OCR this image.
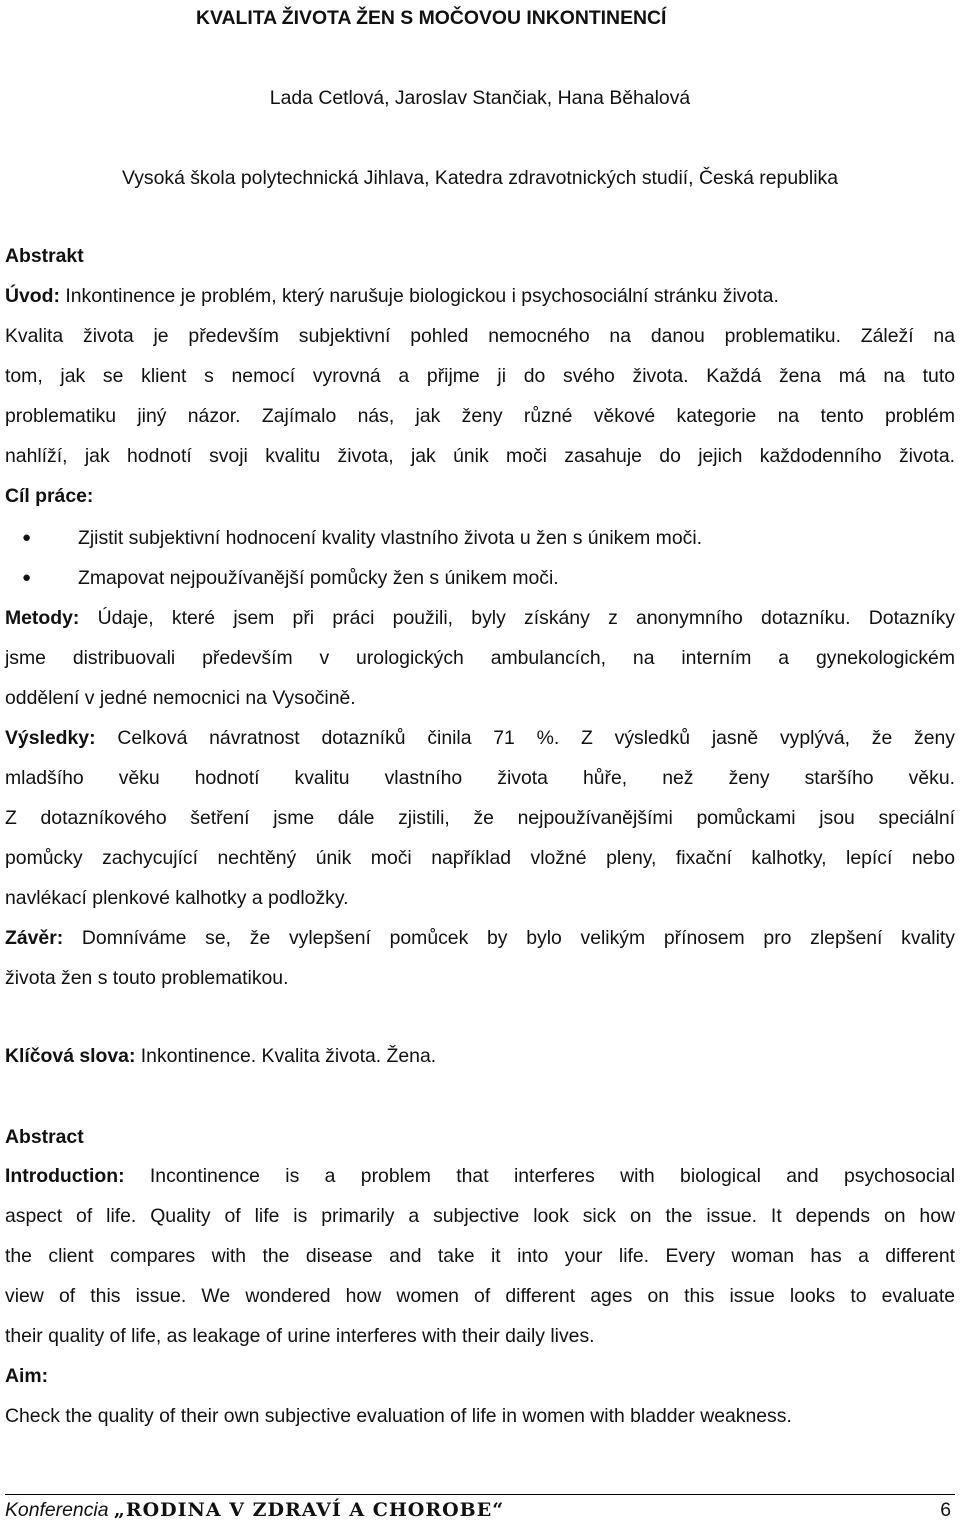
KVALITA ŽIVOTA ŽEN S MOČOVOU INKONTINENCÍ
Lada Cetlová, Jaroslav Stančiak, Hana Běhalová
Vysoká škola polytechnická Jihlava, Katedra zdravotnických studií, Česká republika
Abstrakt
Úvod: Inkontinence je problém, který narušuje biologickou i psychosociální stránku života.
Kvalita života je především subjektivní pohled nemocného na danou problematiku. Záleží na
tom, jak se klient s nemocí vyrovná a přijme ji do svého života. Každá žena má na tuto
problematiku jiný názor. Zajímalo nás, jak ženy různé věkové kategorie na tento problém
nahlíží, jak hodnotí svoji kvalitu života, jak únik moči zasahuje do jejich každodenního života.
Cíl práce:
● Zjistit subjektivní hodnocení kvality vlastního života u žen s únikem moči.
● Zmapovat nejpoužívanější pomůcky žen s únikem moči.
Metody: Údaje, které jsem při práci použili, byly získány z anonymního dotazníku. Dotazníky
jsme distribuovali především v urologických ambulancích, na interním a gynekologickém
oddělení v jedné nemocnici na Vysočině.
Výsledky: Celková návratnost dotazníků činila 71 %. Z výsledků jasně vyplývá, že ženy
mladšího věku hodnotí kvalitu vlastního života hůře, než ženy staršího věku.
Z dotazníkového šetření jsme dále zjistili, že nejpoužívanějšími pomůckami jsou speciální
pomůcky zachycující nechtěný únik moči například vložné pleny, fixační kalhotky, lepící nebo
navlékací plenkové kalhotky a podložky.
Závěr: Domníváme se, že vylepšení pomůcek by bylo velikým přínosem pro zlepšení kvality
života žen s touto problematikou.
Klíčová slova: Inkontinence. Kvalita života. Žena.
Abstract
Introduction: Incontinence is a problem that interferes with biological and psychosocial
aspect of life. Quality of life is primarily a subjective look sick on the issue. It depends on how
the client compares with the disease and take it into your life. Every woman has a different
view of this issue. We wondered how women of different ages on this issue looks to evaluate
their quality of life, as leakage of urine interferes with their daily lives.
Aim:
Check the quality of their own subjective evaluation of life in women with bladder weakness.
Konferencia „RODINA V ZDRAVÍ A CHOROBE“	6
